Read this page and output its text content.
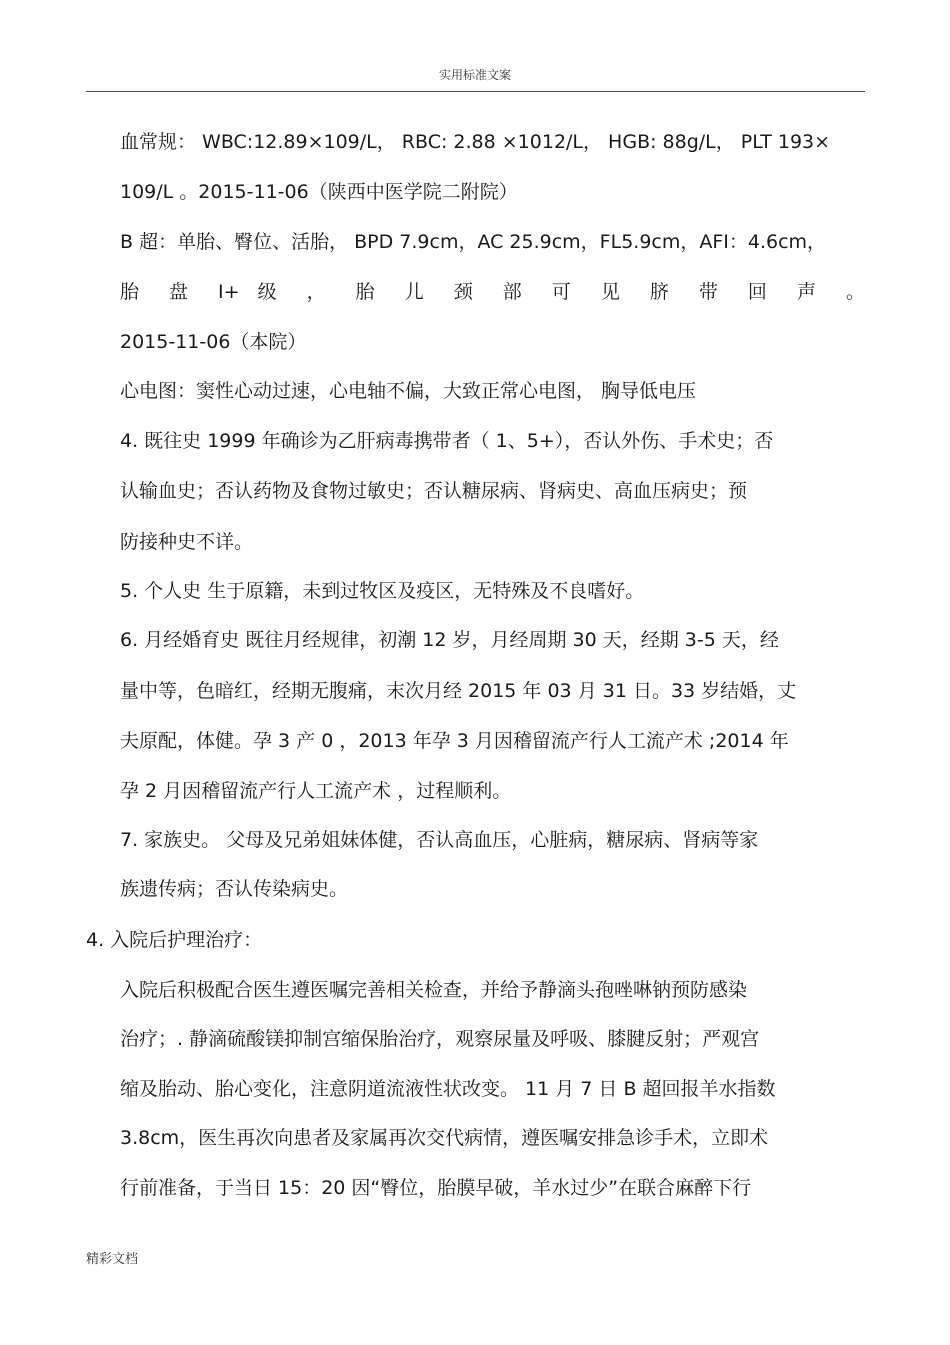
实用标准文案
血常规： WBC:12.89×109/L， RBC: 2.88 ×1012/L， HGB: 88g/L， PLT 193×
109/L 。2015-11-06（陕西中医学院二附院）
B 超：单胎、臀位、活胎， BPD 7.9cm，AC 25.9cm，FL5.9cm，AFI：4.6cm，
胎 盘 I+ 级 ， 胎 儿 颈 部 可 见 脐 带 回 声 。
2015-11-06（本院）
心电图：窦性心动过速，心电轴不偏，大致正常心电图， 胸导低电压
4. 既往史 1999 年确诊为乙肝病毒携带者（ 1、5+），否认外伤、手术史；否
认输血史；否认药物及食物过敏史；否认糖尿病、肾病史、高血压病史；预
防接种史不详。
5. 个人史 生于原籍，未到过牧区及疫区，无特殊及不良嗜好。
6. 月经婚育史 既往月经规律，初潮 12 岁，月经周期 30 天，经期 3-5 天，经
量中等，色暗红，经期无腹痛，末次月经 2015 年 03 月 31 日。33 岁结婚，丈
夫原配，体健。孕 3 产 0 ，2013 年孕 3 月因稽留流产行人工流产术 ;2014 年
孕 2 月因稽留流产行人工流产术 ，过程顺利。
7. 家族史。 父母及兄弟姐妹体健，否认高血压，心脏病，糖尿病、肾病等家
族遗传病；否认传染病史。
4. 入院后护理治疗：
入院后积极配合医生遵医嘱完善相关检查，并给予静滴头孢唑啉钠预防感染
治疗；. 静滴硫酸镁抑制宫缩保胎治疗，观察尿量及呼吸、膝腱反射；严观宫
缩及胎动、胎心变化，注意阴道流液性状改变。 11 月 7 日 B 超回报羊水指数
3.8cm，医生再次向患者及家属再次交代病情，遵医嘱安排急诊手术，立即术
行前准备，于当日 15：20 因“臀位，胎膜早破，羊水过少”在联合麻醉下行
精彩文档
